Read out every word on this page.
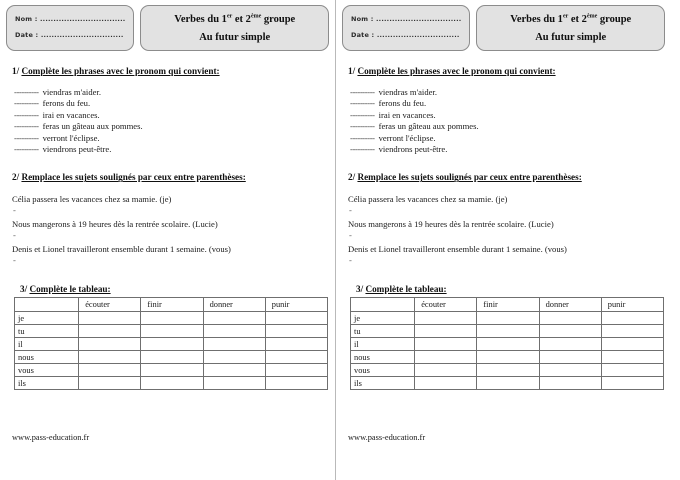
Nom : ................................
Date : ...............................
Verbes du 1er et 2ème groupe
Au futur simple
1/ Complète les phrases avec le pronom qui convient:
---------- viendras m'aider.
---------- ferons du feu.
---------- irai en vacances.
---------- feras un gâteau aux pommes.
---------- verront l'éclipse.
---------- viendrons peut-être.
2/ Remplace les sujets soulignés par ceux entre parenthèses:
Célia passera les vacances chez sa mamie. (je)
-
Nous mangerons à 19 heures dès la rentrée scolaire. (Lucie)
-
Denis et Lionel travailleront ensemble durant 1 semaine. (vous)
-
3/ Complète le tableau:
	écouter	finir	donner	punir
je				
tu				
il				
nous				
vous				
ils				
www.pass-education.fr
Nom : ................................
Date : ...............................
Verbes du 1er et 2ème groupe
Au futur simple
1/ Complète les phrases avec le pronom qui convient:
---------- viendras m'aider.
---------- ferons du feu.
---------- irai en vacances.
---------- feras un gâteau aux pommes.
---------- verront l'éclipse.
---------- viendrons peut-être.
2/ Remplace les sujets soulignés par ceux entre parenthèses:
Célia passera les vacances chez sa mamie. (je)
-
Nous mangerons à 19 heures dès la rentrée scolaire. (Lucie)
-
Denis et Lionel travailleront ensemble durant 1 semaine. (vous)
-
3/ Complète le tableau:
	écouter	finir	donner	punir
je				
tu				
il				
nous				
vous				
ils				
www.pass-education.fr
